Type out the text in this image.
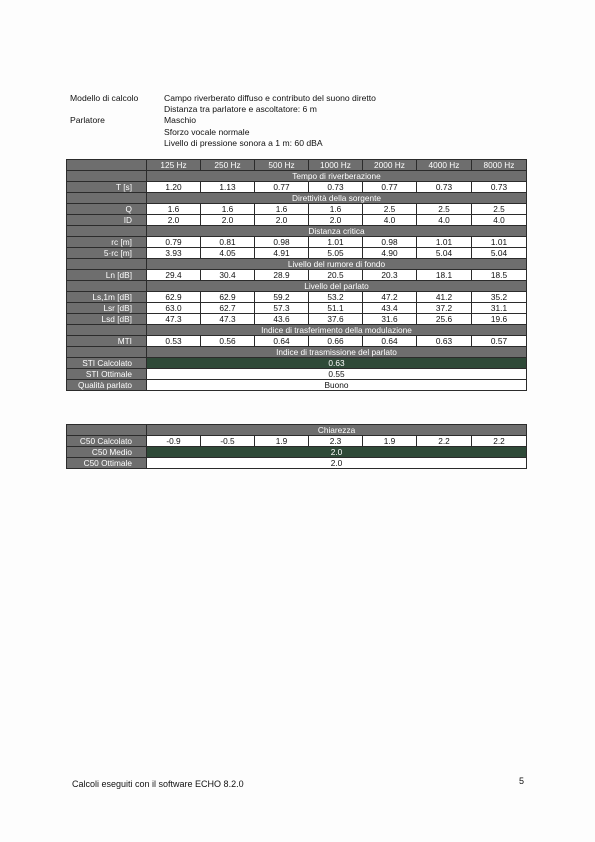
Modello di calcolo	Campo riverberato diffuso e contributo del suono diretto
Distanza tra parlatore e ascoltatore: 6 m
Parlatore	Maschio
Sforzo vocale normale
Livello di pressione sonora a 1 m: 60 dBA
	125 Hz	250 Hz	500 Hz	1000 Hz	2000 Hz	4000 Hz	8000 Hz
	Tempo di riverberazione						
T [s]	1.20	1.13	0.77	0.73	0.77	0.73	0.73
	Direttività della sorgente						
Q	1.6	1.6	1.6	1.6	2.5	2.5	2.5
ID	2.0	2.0	2.0	2.0	4.0	4.0	4.0
	Distanza critica						
rc [m]	0.79	0.81	0.98	1.01	0.98	1.01	1.01
5·rc [m]	3.93	4.05	4.91	5.05	4.90	5.04	5.04
	Livello del rumore di fondo						
Ln [dB]	29.4	30.4	28.9	20.5	20.3	18.1	18.5
	Livello del parlato						
Ls,1m [dB]	62.9	62.9	59.2	53.2	47.2	41.2	35.2
Lsr [dB]	63.0	62.7	57.3	51.1	43.4	37.2	31.1
Lsd [dB]	47.3	47.3	43.6	37.6	31.6	25.6	19.6
	Indice di trasferimento della modulazione						
MTI	0.53	0.56	0.64	0.66	0.64	0.63	0.57
	Indice di trasmissione del parlato						
STI Calcolato	0.63						
STI Ottimale	0.55						
Qualità parlato	Buono						
	Chiarezza						
C50 Calcolato	-0.9	-0.5	1.9	2.3	1.9	2.2	2.2
C50 Medio	2.0						
C50 Ottimale	2.0						
Calcoli eseguiti con il software ECHO 8.2.0	5
